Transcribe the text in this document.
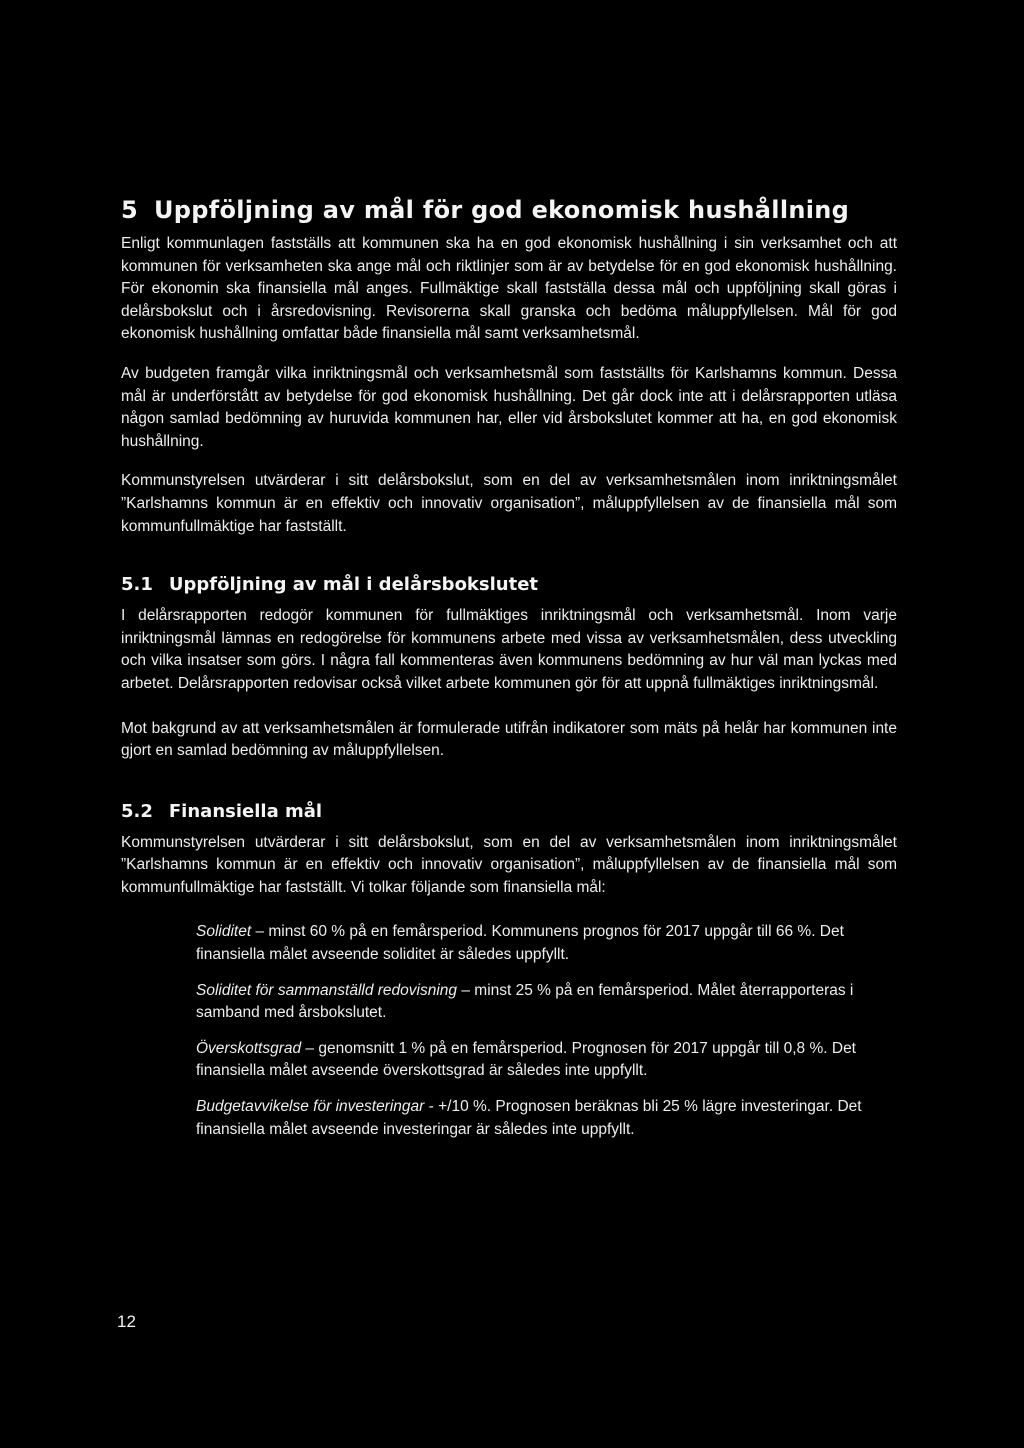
5 Uppföljning av mål för god ekonomisk hushållning

Enligt kommunlagen fastställs att kommunen ska ha en god ekonomisk hushållning i sin verksamhet och att kommunen för verksamheten ska ange mål och riktlinjer som är av betydelse för en god ekonomisk hushållning. För ekonomin ska finansiella mål anges. Fullmäktige skall fastställa dessa mål och uppföljning skall göras i delårsbokslut och i årsredovisning. Revisorerna skall granska och bedöma måluppfyllelsen. Mål för god ekonomisk hushållning omfattar både finansiella mål samt verksamhetsmål.

Av budgeten framgår vilka inriktningsmål och verksamhetsmål som fastställts för Karlshamns kommun. Dessa mål är underförstått av betydelse för god ekonomisk hushållning. Det går dock inte att i delårsrapporten utläsa någon samlad bedömning av huruvida kommunen har, eller vid årsbokslutet kommer att ha, en god ekonomisk hushållning.

Kommunstyrelsen utvärderar i sitt delårsbokslut, som en del av verksamhetsmålen inom inriktningsmålet ”Karlshamns kommun är en effektiv och innovativ organisation”, måluppfyllelsen av de finansiella mål som kommunfullmäktige har fastställt.

5.1 Uppföljning av mål i delårsbokslutet

I delårsrapporten redogör kommunen för fullmäktiges inriktningsmål och verksamhetsmål. Inom varje inriktningsmål lämnas en redogörelse för kommunens arbete med vissa av verksamhetsmålen, dess utveckling och vilka insatser som görs. I några fall kommenteras även kommunens bedömning av hur väl man lyckas med arbetet. Delårsrapporten redovisar också vilket arbete kommunen gör för att uppnå fullmäktiges inriktningsmål.

Mot bakgrund av att verksamhetsmålen är formulerade utifrån indikatorer som mäts på helår har kommunen inte gjort en samlad bedömning av måluppfyllelsen.

5.2 Finansiella mål

Kommunstyrelsen utvärderar i sitt delårsbokslut, som en del av verksamhetsmålen inom inriktningsmålet ”Karlshamns kommun är en effektiv och innovativ organisation”, måluppfyllelsen av de finansiella mål som kommunfullmäktige har fastställt. Vi tolkar följande som finansiella mål:

Soliditet – minst 60 % på en femårsperiod. Kommunens prognos för 2017 uppgår till 66 %. Det finansiella målet avseende soliditet är således uppfyllt.

Soliditet för sammanställd redovisning – minst 25 % på en femårsperiod. Målet återrapporteras i samband med årsbokslutet.

Överskottsgrad – genomsnitt 1 % på en femårsperiod. Prognosen för 2017 uppgår till 0,8 %. Det finansiella målet avseende överskottsgrad är således inte uppfyllt.

Budgetavvikelse för investeringar - +/10 %. Prognosen beräknas bli 25 % lägre investeringar. Det finansiella målet avseende investeringar är således inte uppfyllt.

12
